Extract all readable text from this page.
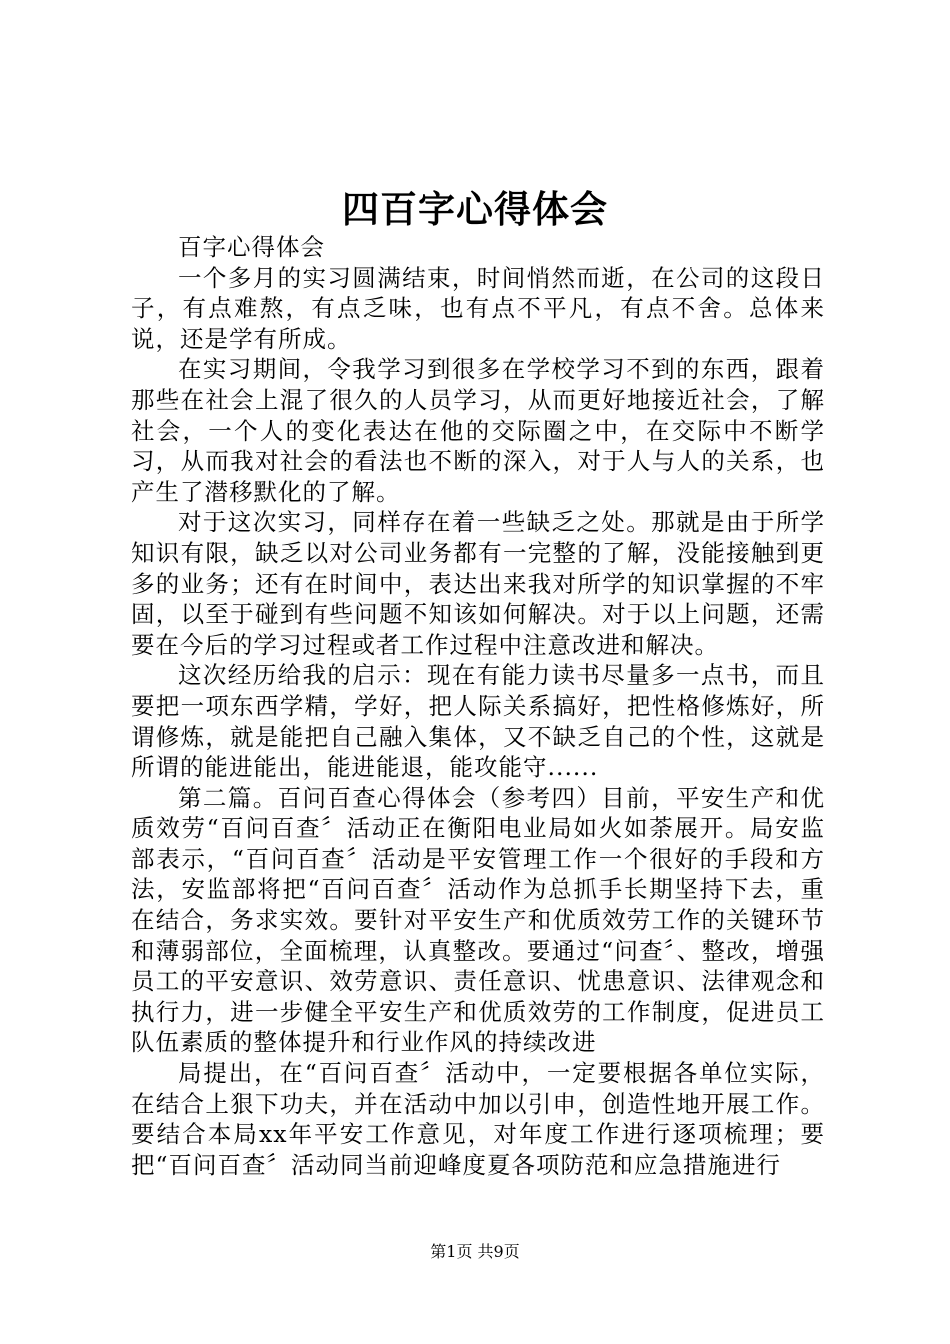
四百字心得体会

百字心得体会

一个多月的实习圆满结束，时间悄然而逝，在公司的这段日子，有点难熬，有点乏味，也有点不平凡，有点不舍。总体来说，还是学有所成。

在实习期间，令我学习到很多在学校学习不到的东西，跟着那些在社会上混了很久的人员学习，从而更好地接近社会，了解社会，一个人的变化表达在他的交际圈之中，在交际中不断学习，从而我对社会的看法也不断的深入，对于人与人的关系，也产生了潜移默化的了解。

对于这次实习，同样存在着一些缺乏之处。那就是由于所学知识有限，缺乏以对公司业务都有一完整的了解，没能接触到更多的业务；还有在时间中，表达出来我对所学的知识掌握的不牢固，以至于碰到有些问题不知该如何解决。对于以上问题，还需要在今后的学习过程或者工作过程中注意改进和解决。

这次经历给我的启示：现在有能力读书尽量多一点书，而且要把一项东西学精，学好，把人际关系搞好，把性格修炼好，所谓修炼，就是能把自己融入集体，又不缺乏自己的个性，这就是所谓的能进能出，能进能退，能攻能守......

第二篇。百问百查心得体会（参考四）目前，平安生产和优质效劳“百问百查〞活动正在衡阳电业局如火如荼展开。局安监部表示，“百问百查〞活动是平安管理工作一个很好的手段和方法，安监部将把“百问百查〞活动作为总抓手长期坚持下去，重在结合，务求实效。要针对平安生产和优质效劳工作的关键环节和薄弱部位，全面梳理，认真整改。要通过“问查〞、整改，增强员工的平安意识、效劳意识、责任意识、忧患意识、法律观念和执行力，进一步健全平安生产和优质效劳的工作制度，促进员工队伍素质的整体提升和行业作风的持续改进

局提出，在“百问百查〞活动中，一定要根据各单位实际，在结合上狠下功夫，并在活动中加以引申，创造性地开展工作。要结合本局xx年平安工作意见，对年度工作进行逐项梳理；要把“百问百查〞活动同当前迎峰度夏各项防范和应急措施进行

第1页 共9页
